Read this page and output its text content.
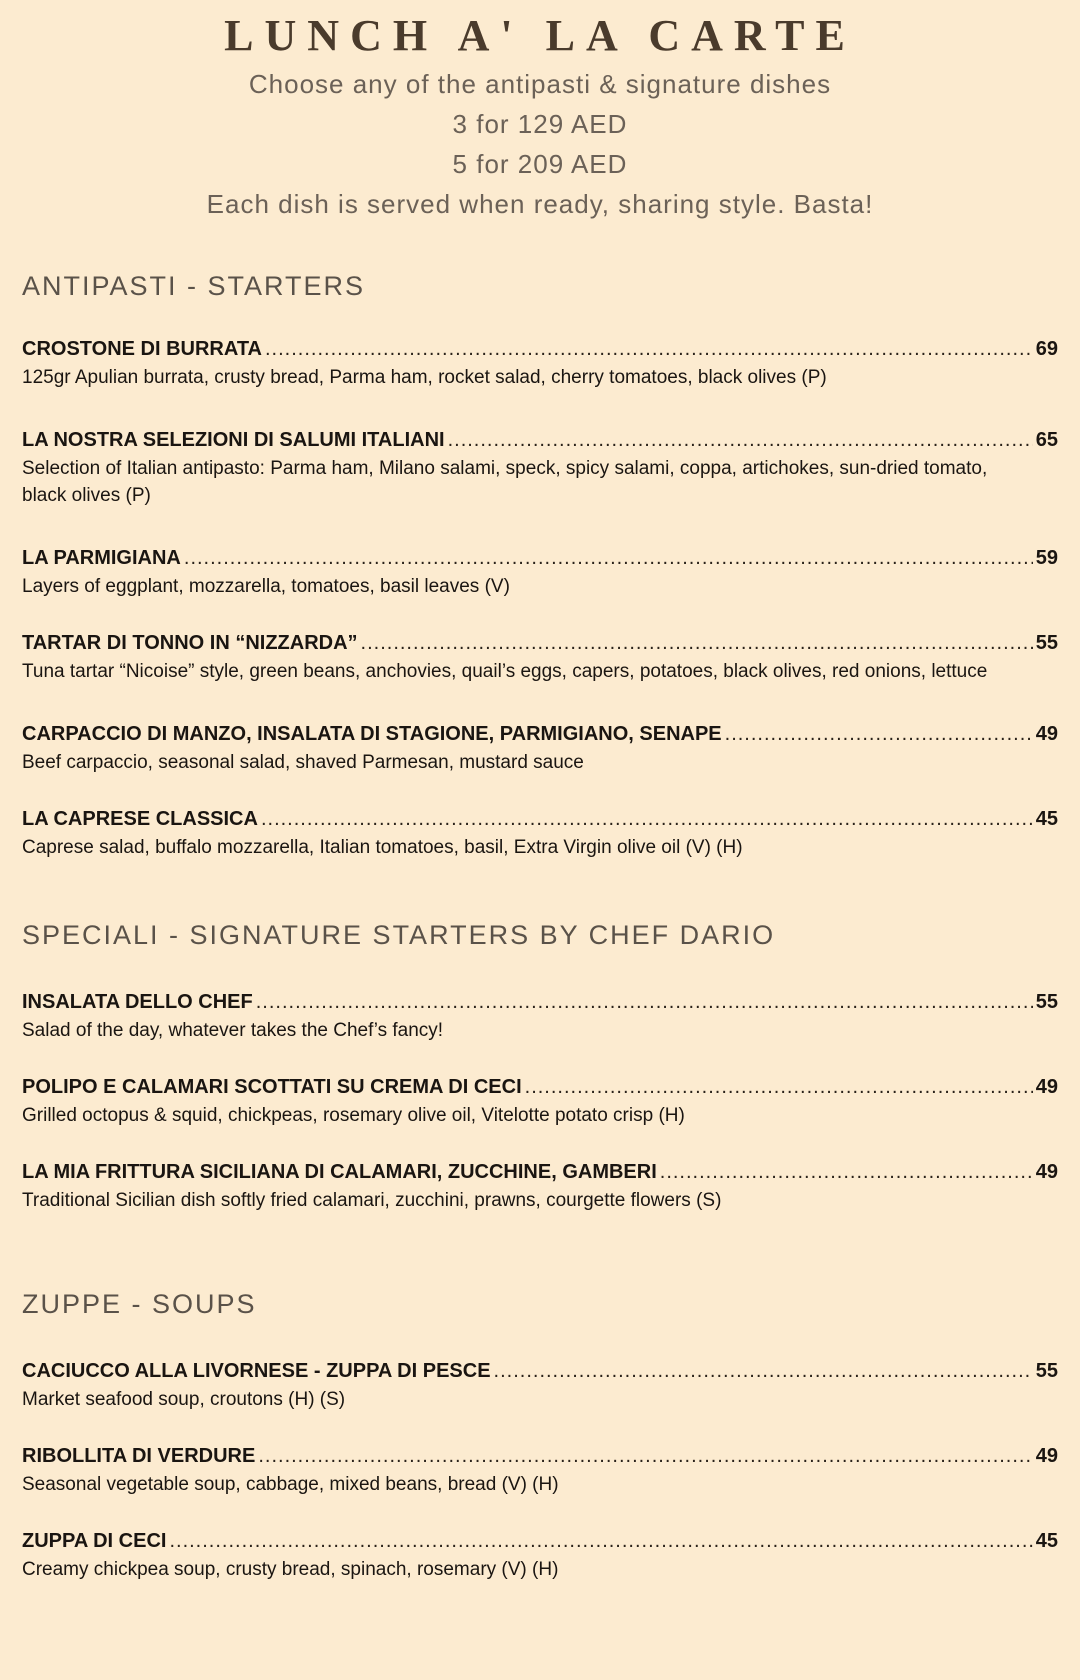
LUNCH A' LA CARTE

Choose any of the antipasti & signature dishes

3 for 129 AED

5 for 209 AED

Each dish is served when ready, sharing style. Basta!

ANTIPASTI - STARTERS
CROSTONE DI BURRATA .....	69

125gr Apulian burrata, crusty bread, Parma ham, rocket salad, cherry tomatoes, black olives (P)

LA NOSTRA SELEZIONI DI SALUMI ITALIANI .....	65

Selection of Italian antipasto: Parma ham, Milano salami, speck, spicy salami, coppa, artichokes, sun-dried tomato, black olives (P)

LA PARMIGIANA .....	59

Layers of eggplant, mozzarella, tomatoes, basil leaves (V)

TARTAR DI TONNO IN “NIZZARDA” .....	55

Tuna tartar “Nicoise” style, green beans, anchovies, quail’s eggs, capers, potatoes, black olives, red onions, lettuce

CARPACCIO DI MANZO, INSALATA DI STAGIONE, PARMIGIANO, SENAPE .....	49

Beef carpaccio, seasonal salad, shaved Parmesan, mustard sauce

LA CAPRESE CLASSICA .....	45

Caprese salad, buffalo mozzarella, Italian tomatoes, basil, Extra Virgin olive oil (V) (H)

SPECIALI - SIGNATURE STARTERS BY CHEF DARIO
INSALATA DELLO CHEF .....	55

Salad of the day, whatever takes the Chef’s fancy!

POLIPO E CALAMARI SCOTTATI SU CREMA DI CECI .....	49

Grilled octopus & squid, chickpeas, rosemary olive oil, Vitelotte potato crisp (H)

LA MIA FRITTURA SICILIANA DI CALAMARI, ZUCCHINE, GAMBERI .....	49

Traditional Sicilian dish softly fried calamari, zucchini, prawns, courgette flowers (S)

ZUPPE - SOUPS
CACIUCCO ALLA LIVORNESE - ZUPPA DI PESCE .....	55

Market seafood soup, croutons (H) (S)

RIBOLLITA DI VERDURE .....	49

Seasonal vegetable soup, cabbage, mixed beans, bread (V) (H)

ZUPPA DI CECI .....	45

Creamy chickpea soup, crusty bread, spinach, rosemary (V) (H)
